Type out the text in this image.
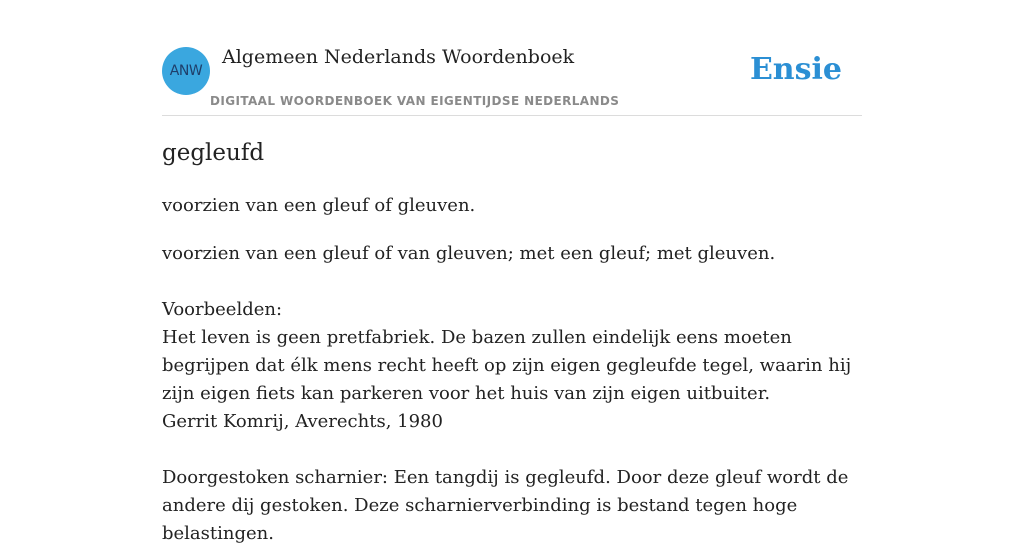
ANW
Algemeen Nederlands Woordenboek
DIGITAAL WOORDENBOEK VAN EIGENTIJDSE NEDERLANDS
Ensie
gegleufd
voorzien van een gleuf of gleuven.

voorzien van een gleuf of van gleuven; met een gleuf; met gleuven.

Voorbeelden:

Het leven is geen pretfabriek. De bazen zullen eindelijk eens moeten begrijpen dat élk mens recht heeft op zijn eigen gegleufde tegel, waarin hij zijn eigen fiets kan parkeren voor het huis van zijn eigen uitbuiter.

Gerrit Komrij, Averechts, 1980

Doorgestoken scharnier: Een tangdij is gegleufd. Door deze gleuf wordt de andere dij gestoken. Deze scharnierverbinding is bestand tegen hoge belastingen.
